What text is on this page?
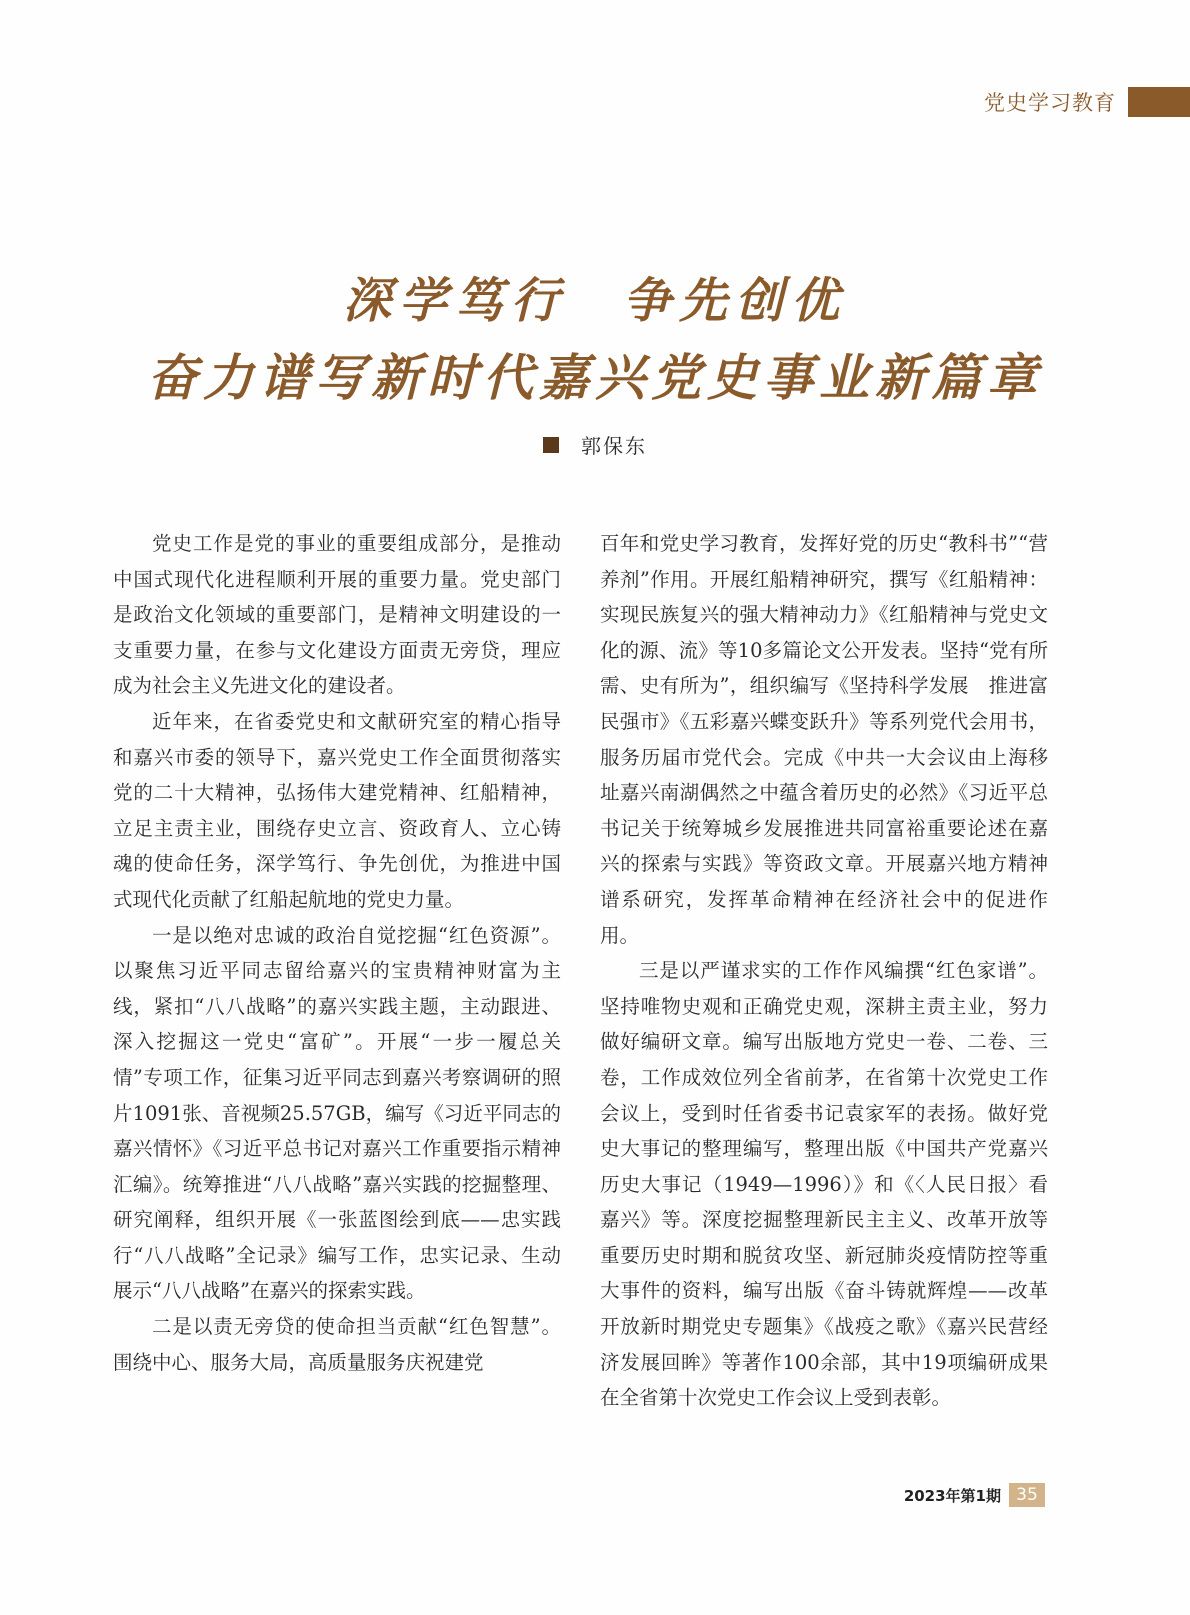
党史学习教育
深学笃行　争先创优
奋力谱写新时代嘉兴党史事业新篇章
郭保东

党史工作是党的事业的重要组成部分，是推动中国式现代化进程顺利开展的重要力量。党史部门是政治文化领域的重要部门，是精神文明建设的一支重要力量，在参与文化建设方面责无旁贷，理应成为社会主义先进文化的建设者。

近年来，在省委党史和文献研究室的精心指导和嘉兴市委的领导下，嘉兴党史工作全面贯彻落实党的二十大精神，弘扬伟大建党精神、红船精神，立足主责主业，围绕存史立言、资政育人、立心铸魂的使命任务，深学笃行、争先创优，为推进中国式现代化贡献了红船起航地的党史力量。

一是以绝对忠诚的政治自觉挖掘“红色资源”。以聚焦习近平同志留给嘉兴的宝贵精神财富为主线，紧扣“八八战略”的嘉兴实践主题，主动跟进、深入挖掘这一党史“富矿”。开展“一步一履总关情”专项工作，征集习近平同志到嘉兴考察调研的照片1091张、音视频25.57GB，编写《习近平同志的嘉兴情怀》《习近平总书记对嘉兴工作重要指示精神汇编》。统筹推进“八八战略”嘉兴实践的挖掘整理、研究阐释，组织开展《一张蓝图绘到底——忠实践行“八八战略”全记录》编写工作，忠实记录、生动展示“八八战略”在嘉兴的探索实践。

二是以责无旁贷的使命担当贡献“红色智慧”。围绕中心、服务大局，高质量服务庆祝建党

百年和党史学习教育，发挥好党的历史“教科书”“营养剂”作用。开展红船精神研究，撰写《红船精神：实现民族复兴的强大精神动力》《红船精神与党史文化的源、流》等10多篇论文公开发表。坚持“党有所需、史有所为”，组织编写《坚持科学发展　推进富民强市》《五彩嘉兴蝶变跃升》等系列党代会用书，服务历届市党代会。完成《中共一大会议由上海移址嘉兴南湖偶然之中蕴含着历史的必然》《习近平总书记关于统筹城乡发展推进共同富裕重要论述在嘉兴的探索与实践》等资政文章。开展嘉兴地方精神谱系研究，发挥革命精神在经济社会中的促进作用。

三是以严谨求实的工作作风编撰“红色家谱”。坚持唯物史观和正确党史观，深耕主责主业，努力做好编研文章。编写出版地方党史一卷、二卷、三卷，工作成效位列全省前茅，在省第十次党史工作会议上，受到时任省委书记袁家军的表扬。做好党史大事记的整理编写，整理出版《中国共产党嘉兴历史大事记（1949—1996）》和《〈人民日报〉看嘉兴》等。深度挖掘整理新民主主义、改革开放等重要历史时期和脱贫攻坚、新冠肺炎疫情防控等重大事件的资料，编写出版《奋斗铸就辉煌——改革开放新时期党史专题集》《战疫之歌》《嘉兴民营经济发展回眸》等著作100余部，其中19项编研成果在全省第十次党史工作会议上受到表彰。

2023年第1期 35
